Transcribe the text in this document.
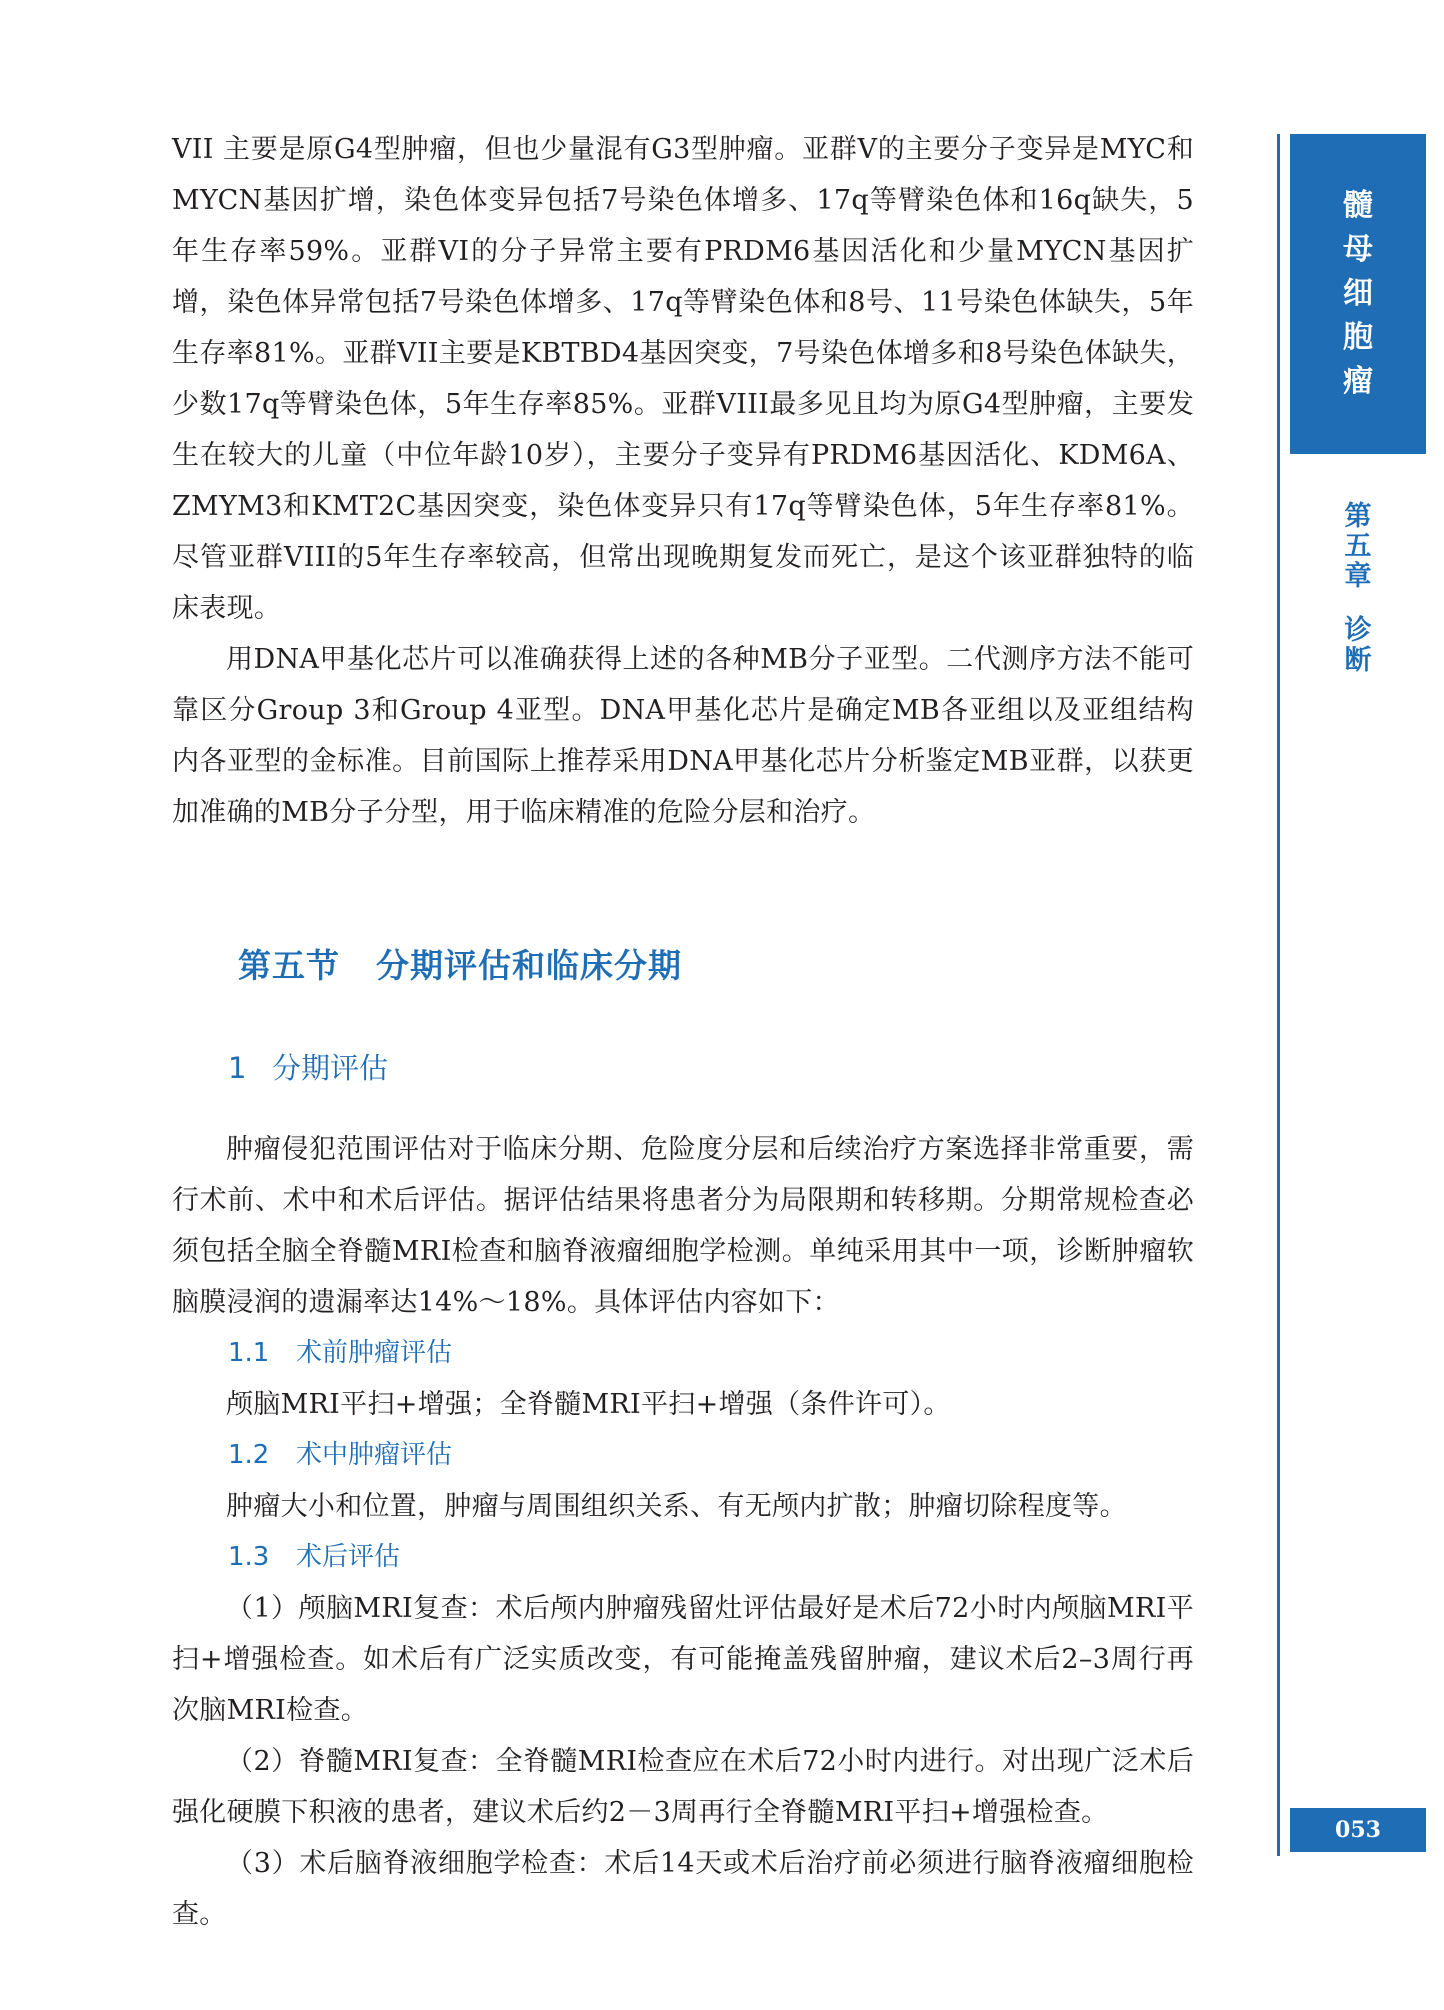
VII 主要是原G4型肿瘤，但也少量混有G3型肿瘤。亚群V的主要分子变异是MYC和MYCN基因扩增，染色体变异包括7号染色体增多、17q等臂染色体和16q缺失，5年生存率59%。亚群VI的分子异常主要有PRDM6基因活化和少量MYCN基因扩增，染色体异常包括7号染色体增多、17q等臂染色体和8号、11号染色体缺失，5年生存率81%。亚群VII主要是KBTBD4基因突变，7号染色体增多和8号染色体缺失，少数17q等臂染色体，5年生存率85%。亚群VIII最多见且均为原G4型肿瘤，主要发生在较大的儿童（中位年龄10岁），主要分子变异有PRDM6基因活化、KDM6A、ZMYM3和KMT2C基因突变，染色体变异只有17q等臂染色体，5年生存率81%。尽管亚群VIII的5年生存率较高，但常出现晚期复发而死亡，是这个该亚群独特的临床表现。

用DNA甲基化芯片可以准确获得上述的各种MB分子亚型。二代测序方法不能可靠区分Group 3和Group 4亚型。DNA甲基化芯片是确定MB各亚组以及亚组结构内各亚型的金标准。目前国际上推荐采用DNA甲基化芯片分析鉴定MB亚群，以获更加准确的MB分子分型，用于临床精准的危险分层和治疗。

第五节 分期评估和临床分期
1 分期评估

肿瘤侵犯范围评估对于临床分期、危险度分层和后续治疗方案选择非常重要，需行术前、术中和术后评估。据评估结果将患者分为局限期和转移期。分期常规检查必须包括全脑全脊髓MRI检查和脑脊液瘤细胞学检测。单纯采用其中一项，诊断肿瘤软脑膜浸润的遗漏率达14%～18%。具体评估内容如下：

1.1 术前肿瘤评估

颅脑MRI平扫+增强；全脊髓MRI平扫+增强（条件许可）。

1.2 术中肿瘤评估

肿瘤大小和位置，肿瘤与周围组织关系、有无颅内扩散；肿瘤切除程度等。

1.3 术后评估

（1）颅脑MRI复查：术后颅内肿瘤残留灶评估最好是术后72小时内颅脑MRI平扫+增强检查。如术后有广泛实质改变，有可能掩盖残留肿瘤，建议术后2–3周行再次脑MRI检查。

（2）脊髓MRI复查：全脊髓MRI检查应在术后72小时内进行。对出现广泛术后强化硬膜下积液的患者，建议术后约2－3周再行全脊髓MRI平扫+增强检查。

（3）术后脑脊液细胞学检查：术后14天或术后治疗前必须进行脑脊液瘤细胞检查。

髓
母
细
胞
瘤
第
五
章
诊
断
053
